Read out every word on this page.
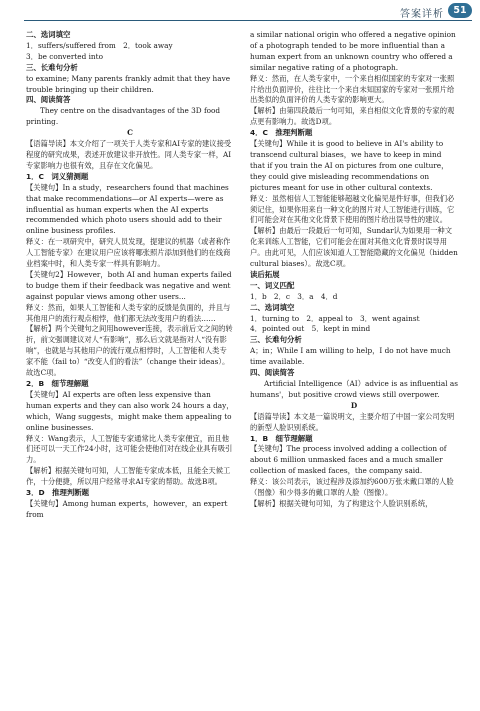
答案详析 51
二、选词填空
1．suffers/suffered from　2．took away
3．be converted into
三、长难句分析
to examine; Many parents frankly admit that they have trouble bringing up their children.
四、阅读简答
They centre on the disadvantages of the 3D food printing.
C
【语篇导读】本文介绍了一项关于人类专家和AI专家的建议接受程度的研究成果，表述开放建议非开放性。同人类专家一样，AI专家影响力也很有效，且存在文化偏见。
1．C　词义猜测题
【关键句】In a study，researchers found that machines that make recommendations—or AI experts—were as influential as human experts when the AI experts recommended which photo users should add to their online business profiles.
释义：在一项研究中，研究人员发现，提建议的机器（或者称作人工智能专家）在建议用户应该将哪张照片添加到他们的在线商业档案中时，和人类专家一样具有影响力。
【关键句2】However，both AI and human experts failed to budge them if their feedback was negative and went against popular views among other users...
释义：然而，如果人工智能和人类专家的反馈是负面的，并且与其他用户的流行观点相悖，他们都无法改变用户的看法……
【解析】两个关键句之间用however连接，表示前后文之间的转折，前文强调建议对人“有影响”，那么后文就是指对人“没有影响”，也就是与其他用户的流行观点相悖时，人工智能和人类专家不能（fail to）“改变人们的看法”（change their ideas）。故选C项。
2．B　细节理解题
【关键句】AI experts are often less expensive than human experts and they can also work 24 hours a day，which，Wang suggests，might make them appealing to online businesses.
释义：Wang表示，人工智能专家通常比人类专家便宜，而且他们还可以一天工作24小时，这可能会使他们对在线企业具有吸引力。
【解析】根据关键句可知，人工智能专家成本低，且能全天候工作，十分便捷，所以用户经常寻求AI专家的帮助。故选B项。
3．D　推理判断题
【关键句】Among human experts，however，an expert from
a similar national origin who offered a negative opinion of a photograph tended to be more influential than a human expert from an unknown country who offered a similar negative rating of a photograph.
释义：然而，在人类专家中，一个来自相似国家的专家对一张照片给出负面评价，往往比一个来自未知国家的专家对一张照片给出类似的负面评价的人类专家的影响更大。
【解析】由第四段最后一句可知，来自相似文化背景的专家的观点更有影响力。故选D项。
4．C　推理判断题
【关键句】While it is good to believe in AI's ability to transcend cultural biases，we have to keep in mind that if you train the AI on pictures from one culture，they could give misleading recommendations on pictures meant for use in other cultural contexts.
释义：虽然相信人工智能能够超越文化偏见是件好事，但我们必须记住，如果你用来自一种文化的图片对人工智能进行训练，它们可能会对在其他文化背景下使用的图片给出误导性的建议。
【解析】由最后一段最后一句可知，Sundar认为如果用一种文化来训练人工智能，它们可能会在面对其他文化背景时误导用户。由此可见，人们应该知道人工智能隐藏的文化偏见（hidden cultural biases）。故选C项。
读后拓展
一、词义匹配
1．b　2．c　3．a　4．d
二、选词填空
1．turning to　2．appeal to　3．went against
4．pointed out　5．kept in mind
三、长难句分析
A；in；While I am willing to help，I do not have much time available.
四、阅读简答
Artificial Intelligence（AI）advice is as influential as humans'，but positive crowd views still overpower.
D
【语篇导读】本文是一篇说明文，主要介绍了中国一家公司发明的新型人脸识别系统。
1．B　细节理解题
【关键句】The process involved adding a collection of about 6 million unmasked faces and a much smaller collection of masked faces，the company said.
释义：该公司表示，该过程涉及添加约600万张未戴口罩的人脸（图像）和少得多的戴口罩的人脸（图像）。
【解析】根据关键句可知，为了构建这个人脸识别系统，
